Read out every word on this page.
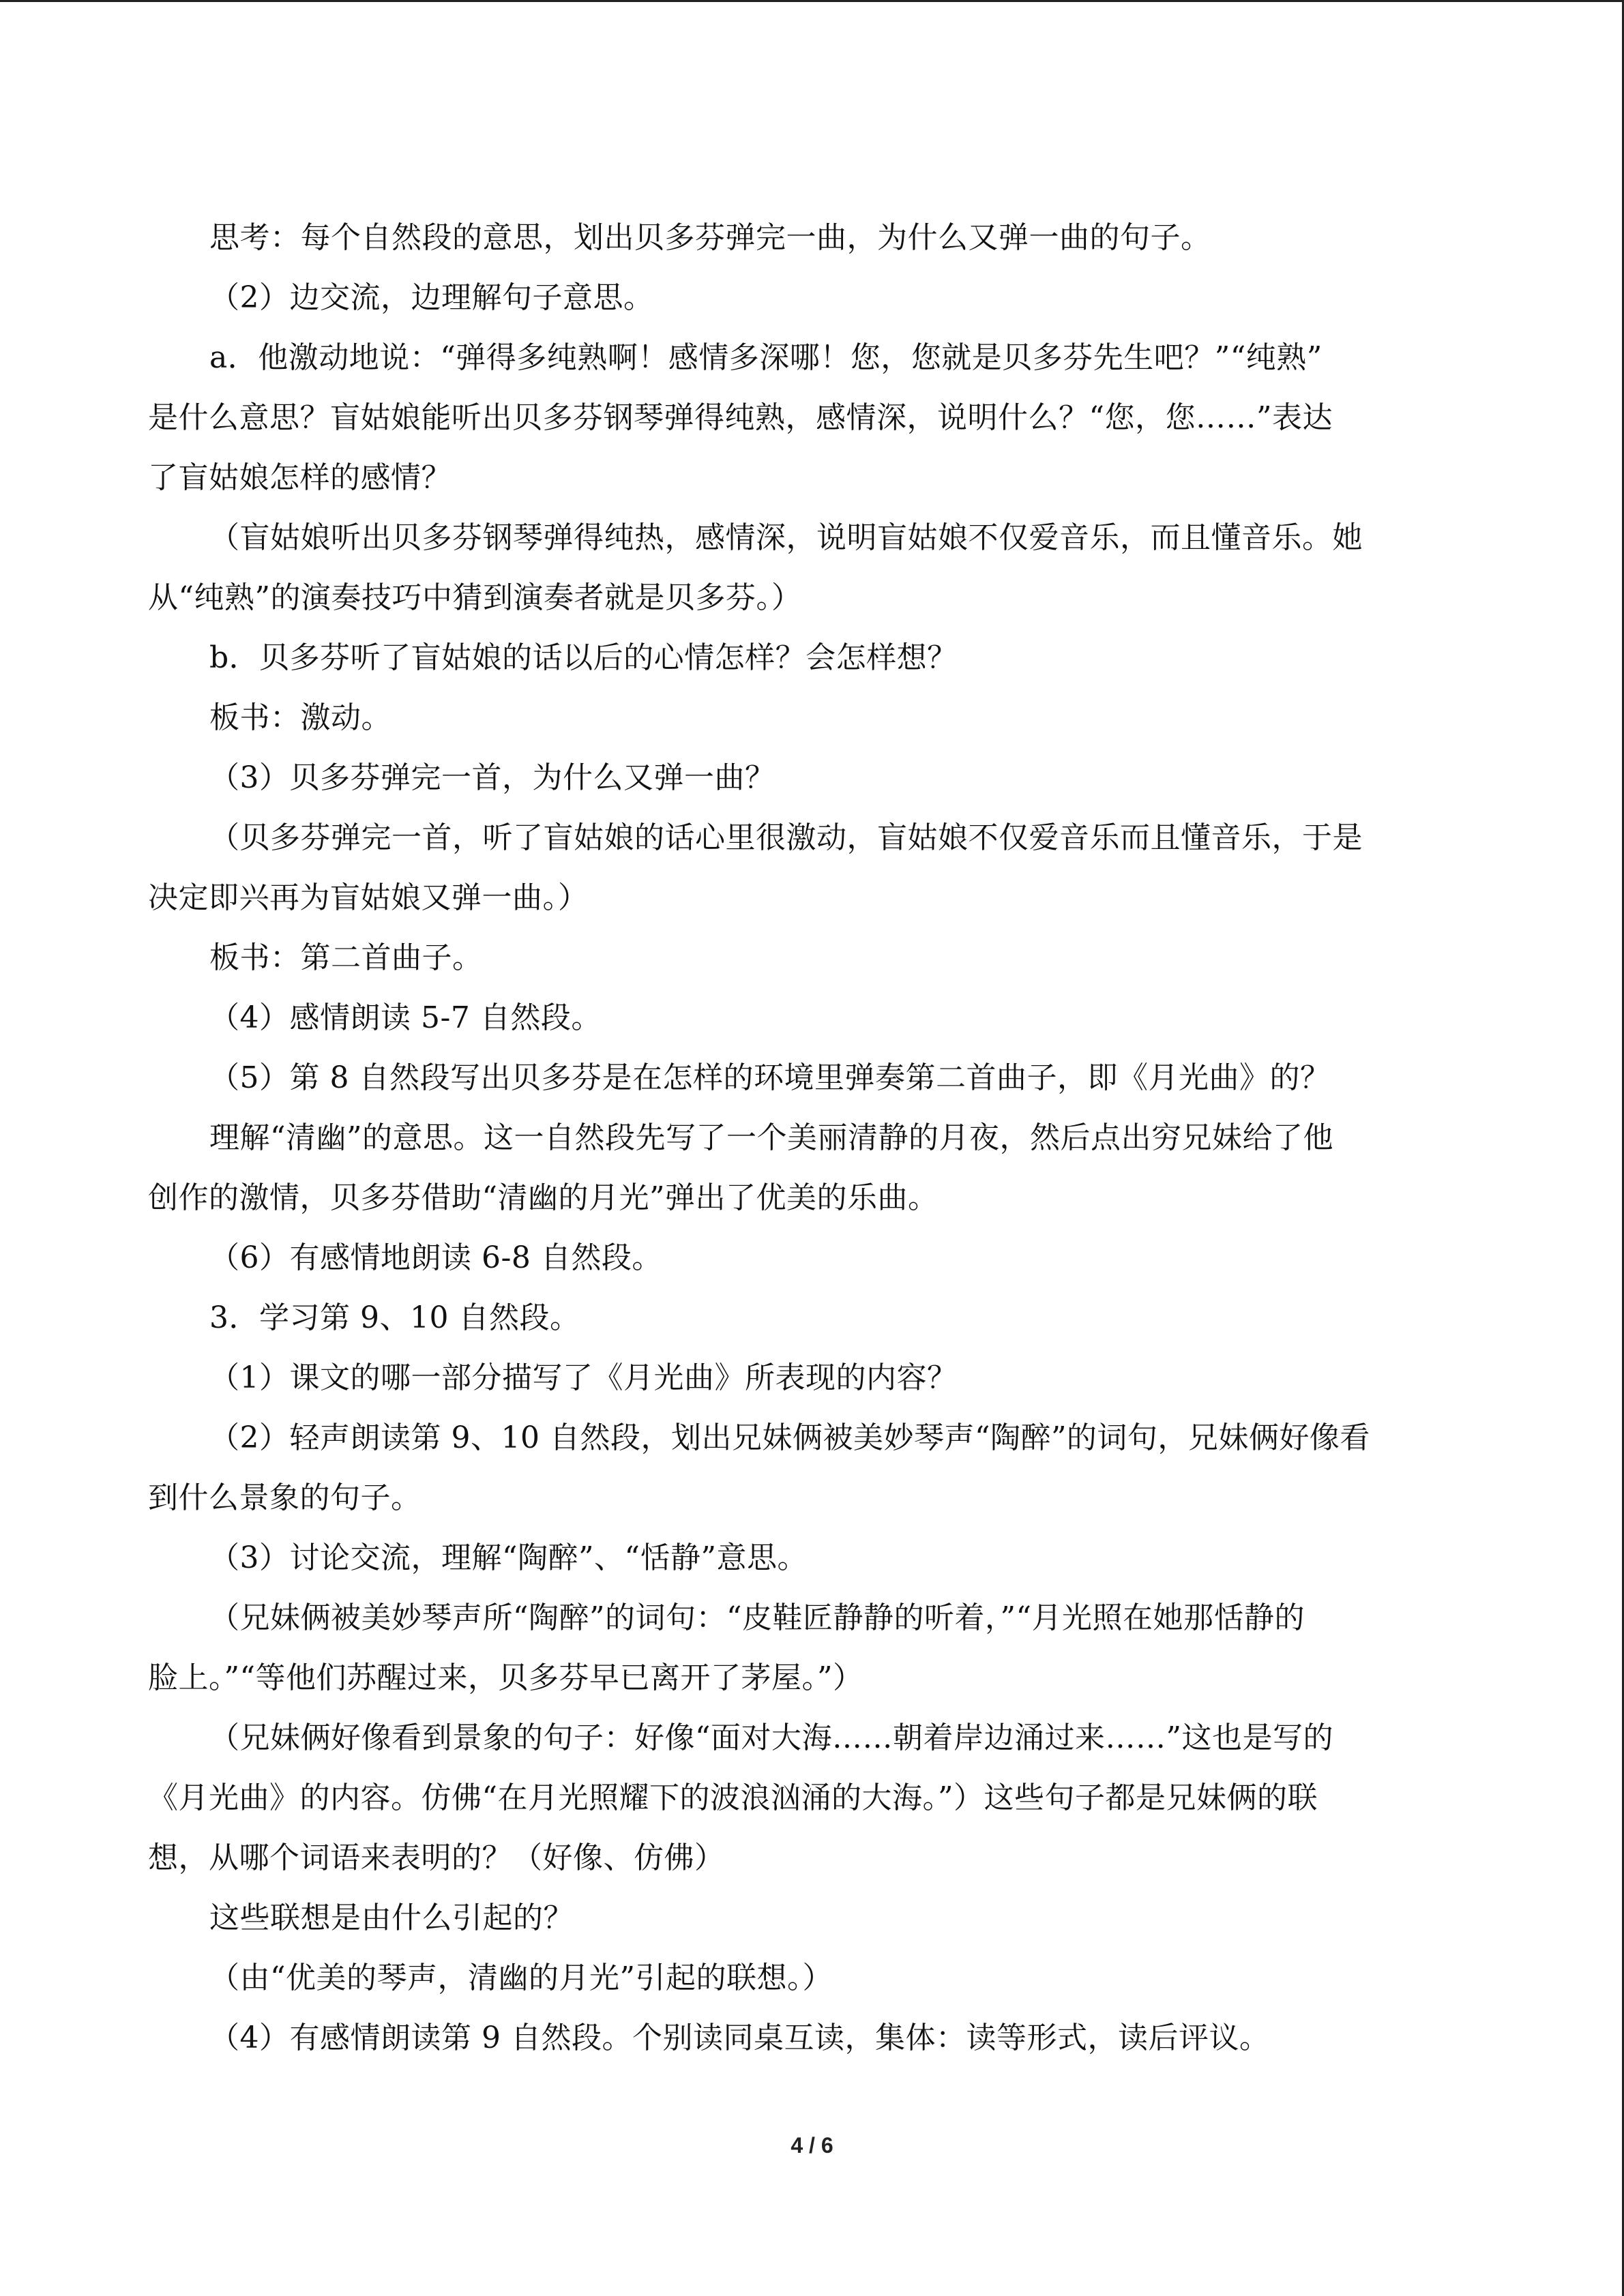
思考：每个自然段的意思，划出贝多芬弹完一曲，为什么又弹一曲的句子。

（2）边交流，边理解句子意思。

a．他激动地说：“弹得多纯熟啊！感情多深哪！您，您就是贝多芬先生吧？”“纯熟”
是什么意思？盲姑娘能听出贝多芬钢琴弹得纯熟，感情深，说明什么？“您，您……”表达
了盲姑娘怎样的感情？

（盲姑娘听出贝多芬钢琴弹得纯热，感情深，说明盲姑娘不仅爱音乐，而且懂音乐。她
从“纯熟”的演奏技巧中猜到演奏者就是贝多芬。）

b．贝多芬听了盲姑娘的话以后的心情怎样？会怎样想？

板书：激动。

（3）贝多芬弹完一首，为什么又弹一曲？

（贝多芬弹完一首，听了盲姑娘的话心里很激动，盲姑娘不仅爱音乐而且懂音乐，于是
决定即兴再为盲姑娘又弹一曲。）

板书：第二首曲子。

（4）感情朗读 5-7 自然段。

（5）第 8 自然段写出贝多芬是在怎样的环境里弹奏第二首曲子，即《月光曲》的？

理解“清幽”的意思。这一自然段先写了一个美丽清静的月夜，然后点出穷兄妹给了他
创作的激情，贝多芬借助“清幽的月光”弹出了优美的乐曲。

（6）有感情地朗读 6-8 自然段。

3．学习第 9、10 自然段。

（1）课文的哪一部分描写了《月光曲》所表现的内容？

（2）轻声朗读第 9、10 自然段，划出兄妹俩被美妙琴声“陶醉”的词句，兄妹俩好像看
到什么景象的句子。

（3）讨论交流，理解“陶醉”、“恬静”意思。

（兄妹俩被美妙琴声所“陶醉”的词句：“皮鞋匠静静的听着，”“月光照在她那恬静的
脸上。”“等他们苏醒过来，贝多芬早已离开了茅屋。”）

（兄妹俩好像看到景象的句子：好像“面对大海……朝着岸边涌过来……”这也是写的
《月光曲》的内容。仿佛“在月光照耀下的波浪汹涌的大海。”）这些句子都是兄妹俩的联
想，从哪个词语来表明的？（好像、仿佛）

这些联想是由什么引起的？

（由“优美的琴声，清幽的月光”引起的联想。）

（4）有感情朗读第 9 自然段。个别读同桌互读，集体：读等形式，读后评议。

4 / 6
